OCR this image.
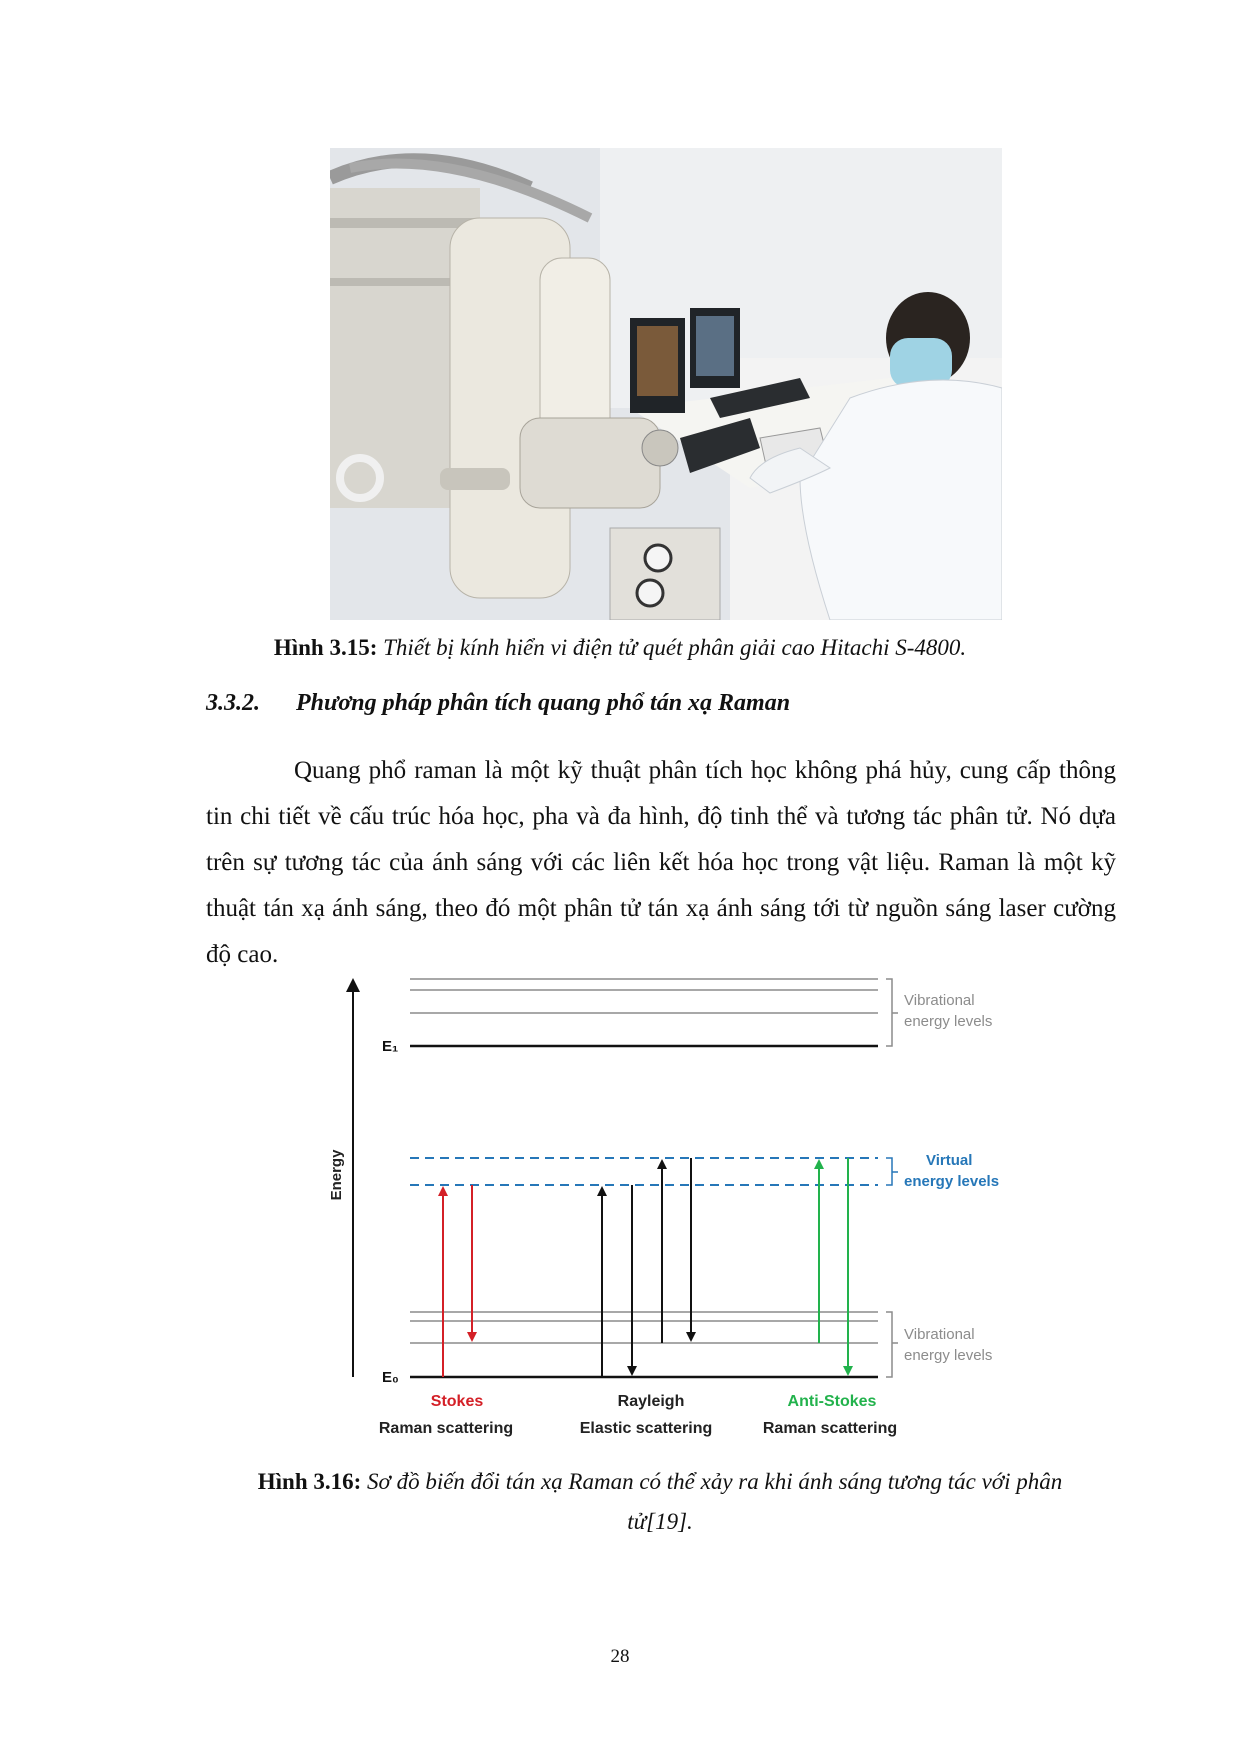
Hình 3.15: Thiết bị kính hiển vi điện tử quét phân giải cao Hitachi S-4800.
3.3.2. Phương pháp phân tích quang phổ tán xạ Raman
Quang phổ raman là một kỹ thuật phân tích học không phá hủy, cung cấp thông tin chi tiết về cấu trúc hóa học, pha và đa hình, độ tinh thể và tương tác phân tử. Nó dựa trên sự tương tác của ánh sáng với các liên kết hóa học trong vật liệu. Raman là một kỹ thuật tán xạ ánh sáng, theo đó một phân tử tán xạ ánh sáng tới từ nguồn sáng laser cường độ cao.
Energy
E₁
Vibrational
energy levels
Virtual
energy levels
E₀
Vibrational
energy levels
Stokes
Raman scattering
Rayleigh
Elastic scattering
Anti-Stokes
Raman scattering
Hình 3.16: Sơ đồ biến đổi tán xạ Raman có thể xảy ra khi ánh sáng tương tác với phân
tử[19].
28
